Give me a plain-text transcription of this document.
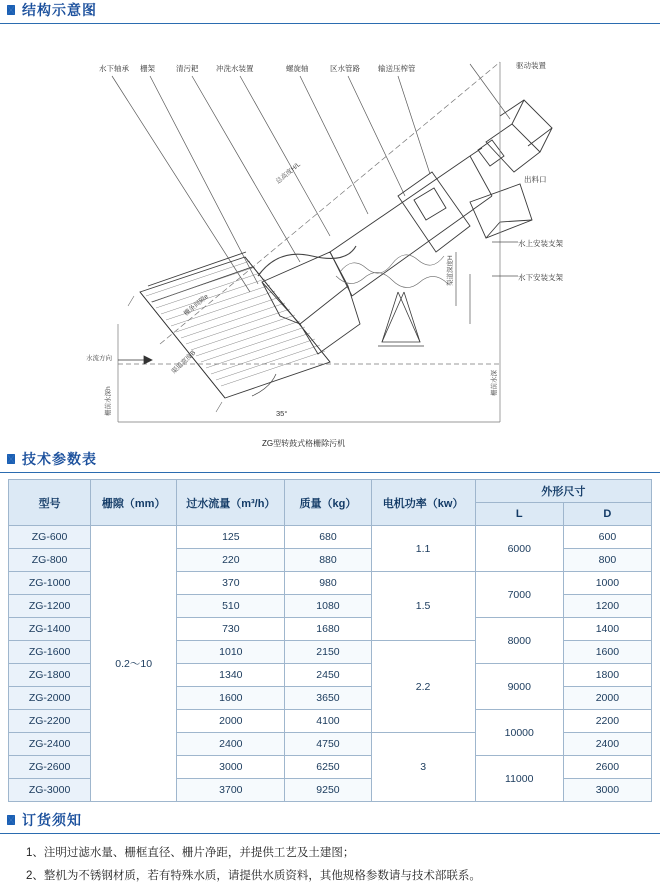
结构示意图
水下轴承 栅架	清污耙 冲洗水装置	螺旋轴	区水管路 输送压榨管	驱动装置
出料口
水上安装支架
水下安装支架
总高度H/L
渠道深度H
水流方向
栅前水深h
渠道宽度B
栅前水深
栅条间隙e
35°
ZG型转鼓式格栅除污机
技术参数表
型号	栅隙（mm）	过水流量（m³/h）	质量（kg）	电机功率（kw）	外形尺寸	
					L	D
ZG-600	0.2～10	125	680	1.1	6000	600
ZG-800		220	880			800
ZG-1000		370	980	1.5	7000	1000
ZG-1200		510	1080			1200
ZG-1400		730	1680		8000	1400
ZG-1600		1010	2150	2.2		1600
ZG-1800		1340	2450		9000	1800
ZG-2000		1600	3650			2000
ZG-2200		2000	4100		10000	2200
ZG-2400		2400	4750	3		2400
ZG-2600		3000	6250		11000	2600
ZG-3000		3700	9250			3000
订货须知
1、注明过滤水量、栅框直径、栅片净距，并提供工艺及土建图；
2、整机为不锈钢材质，若有特殊水质，请提供水质资料，其他规格参数请与技术部联系。
